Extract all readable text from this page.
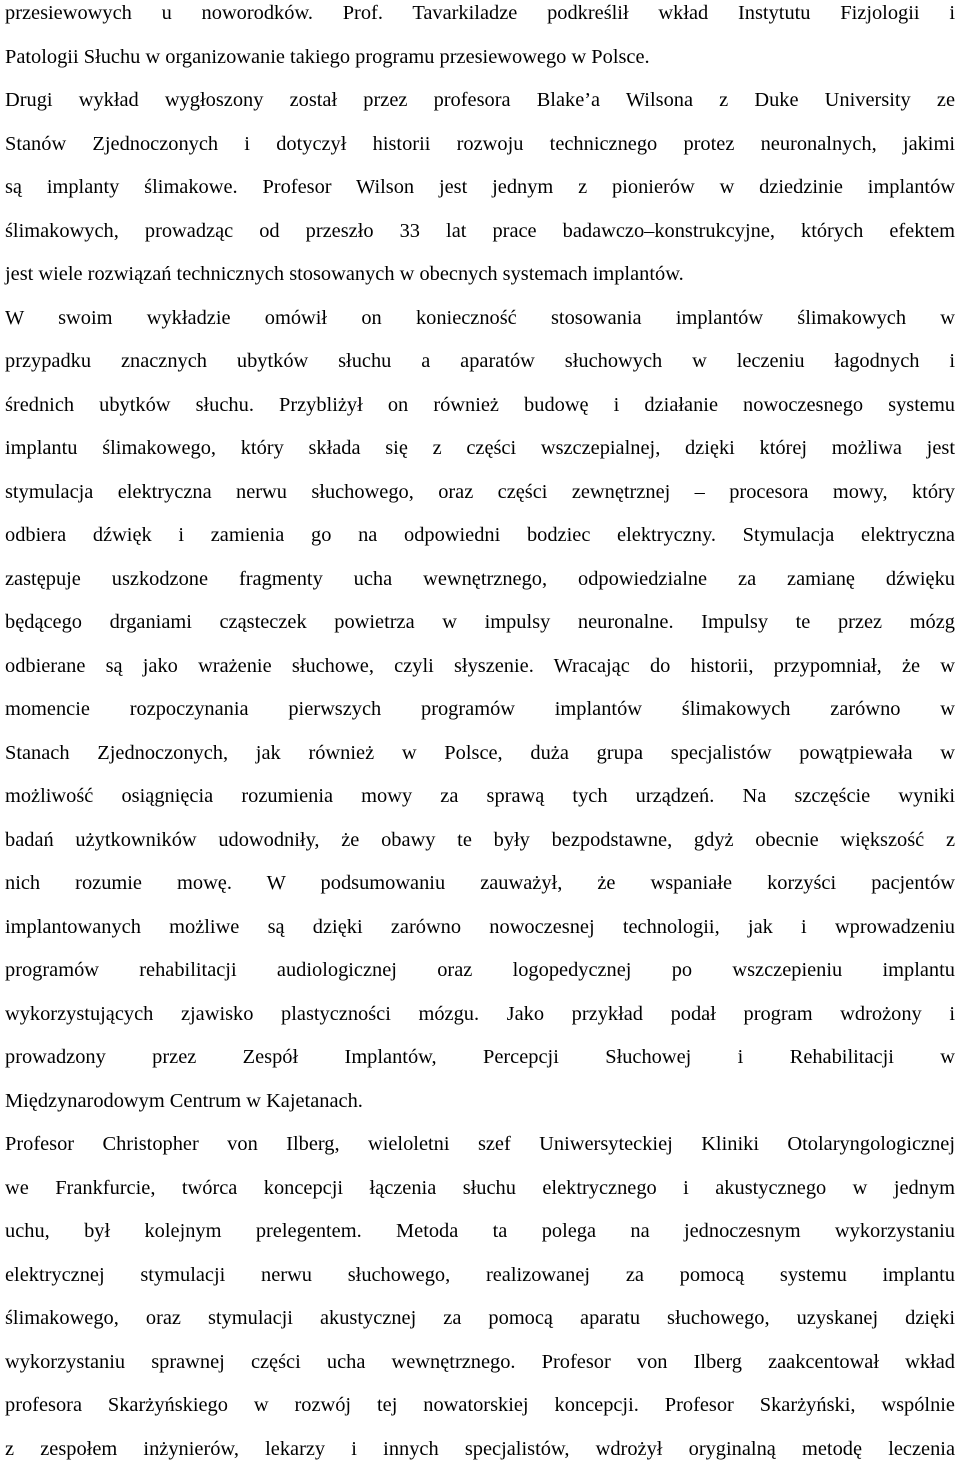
przesiewowych u noworodków. Prof. Tavarkiladze podkreślił wkład Instytutu Fizjologii i
Patologii Słuchu w organizowanie takiego programu przesiewowego w Polsce.
Drugi wykład wygłoszony został przez profesora Blake’a Wilsona z Duke University ze
Stanów Zjednoczonych i dotyczył historii rozwoju technicznego protez neuronalnych, jakimi
są implanty ślimakowe. Profesor Wilson jest jednym z pionierów w dziedzinie implantów
ślimakowych, prowadząc od przeszło 33 lat prace badawczo–konstrukcyjne, których efektem
jest wiele rozwiązań technicznych stosowanych w obecnych systemach implantów.
W swoim wykładzie omówił on konieczność stosowania implantów ślimakowych w
przypadku znacznych ubytków słuchu a aparatów słuchowych w leczeniu łagodnych i
średnich ubytków słuchu. Przybliżył on również budowę i działanie nowoczesnego systemu
implantu ślimakowego, który składa się z części wszczepialnej, dzięki której możliwa jest
stymulacja elektryczna nerwu słuchowego, oraz części zewnętrznej – procesora mowy, który
odbiera dźwięk i zamienia go na odpowiedni bodziec elektryczny. Stymulacja elektryczna
zastępuje uszkodzone fragmenty ucha wewnętrznego, odpowiedzialne za zamianę dźwięku
będącego drganiami cząsteczek powietrza w impulsy neuronalne. Impulsy te przez mózg
odbierane są jako wrażenie słuchowe, czyli słyszenie. Wracając do historii, przypomniał, że w
momencie rozpoczynania pierwszych programów implantów ślimakowych zarówno w
Stanach Zjednoczonych, jak również w Polsce, duża grupa specjalistów powątpiewała w
możliwość osiągnięcia rozumienia mowy za sprawą tych urządzeń. Na szczęście wyniki
badań użytkowników udowodniły, że obawy te były bezpodstawne, gdyż obecnie większość z
nich rozumie mowę. W podsumowaniu zauważył, że wspaniałe korzyści pacjentów
implantowanych możliwe są dzięki zarówno nowoczesnej technologii, jak i wprowadzeniu
programów rehabilitacji audiologicznej oraz logopedycznej po wszczepieniu implantu
wykorzystujących zjawisko plastyczności mózgu. Jako przykład podał program wdrożony i
prowadzony przez Zespół Implantów, Percepcji Słuchowej i Rehabilitacji w
Międzynarodowym Centrum w Kajetanach.
Profesor Christopher von Ilberg, wieloletni szef Uniwersyteckiej Kliniki Otolaryngologicznej
we Frankfurcie, twórca koncepcji łączenia słuchu elektrycznego i akustycznego w jednym
uchu, był kolejnym prelegentem. Metoda ta polega na jednoczesnym wykorzystaniu
elektrycznej stymulacji nerwu słuchowego, realizowanej za pomocą systemu implantu
ślimakowego, oraz stymulacji akustycznej za pomocą aparatu słuchowego, uzyskanej dzięki
wykorzystaniu sprawnej części ucha wewnętrznego. Profesor von Ilberg zaakcentował wkład
profesora Skarżyńskiego w rozwój tej nowatorskiej koncepcji. Profesor Skarżyński, wspólnie
z zespołem inżynierów, lekarzy i innych specjalistów, wdrożył oryginalną metodę leczenia
